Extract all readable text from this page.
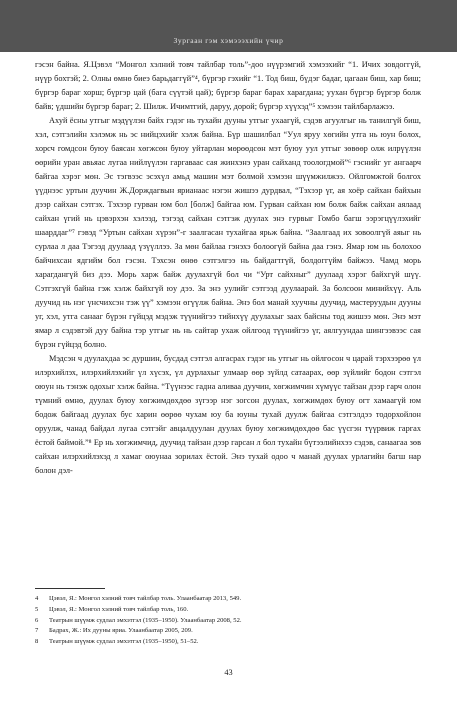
Зургаан гэм хэмэээхийн үчир

гэсэн байна. Я.Цэвэл “Монгол хэлний товч тайлбар толь”-доо нүүрэмгий хэмээхийг “1. Ичих зовдоггүй, нүүр бохтэй; 2. Олны өмнө биеэ барьдаггүй”⁴, бүргэр гэхийг “1. Тод биш, бүдэг бадаг, цагаан биш, хар биш; бүргэр бараг хорш; бүргэр цай (бага сүүтэй цай); бүргэр бараг барах харагдана; уухан бүргэр бүргэр болж байв; үдшийн бүргэр бараг; 2. Шилж. Ичимтгий, даруу, дорой; бүргэр хүүхэд”⁵ хэмээн тайлбарлажээ.

Ахуй ёсны утгыг мэдүүлэн байх гэдэг нь тухайн дууны утгыг ухаагүй, сэдэв агуулгыг нь танилгүй биш, хэл, сэтгэлийн хэлэмж нь эс нийцэхийг хэлж байна. Бүр шашилбал “Уул яруу хөгийн утга нь юун болох, хорсч гомдсон буюу баясан хөгжсөн буюу уйтарлан мөрөөдсөн мэт буюу уул утгыг зөвөөр олж илрүүлэн өөрийн уран авьяас лугаа нийлүүлэн гаргаваас сая жинхэнэ уран сайханд тоологдмой”⁶ гэснийг уг ангаарч байгаа хэрэг мөн. Эс тэгвээс эсэхүл амьд машин мэт болмой хэмээн шүүмжилжээ. Ойлгомжтой болгох үүднээс уртын дуучин Ж.Дорждагвын ярианаас нэгэн жишээ дурдвал, “Тэхээр үг, ая хоёр сайхан байхын дээр сайхан сэтгэх. Тэхээр гурван юм бол [болж] байгаа юм. Гурван сайхан юм болж байж сайхан аялаад сайхан үгий нь цэвэрхэн хэлээд, тэгээд сайхан сэтгэж дуулах энэ гурвыг Гомбо багш ээрэгцүүлэхийг шаарддаг”⁷ гэвэд “Уртын сайхан хүрэн”-г заалгасан тухайгаа ярьж байна. “Заалгаад их зовоолгүй аяыг нь сурлаа л даа Тэгээд дуулаад үзүүллээ. За мөн байлаа гэнэхэ болоогүй байна даа гэнэ. Ямар юм нь болохоо байчихсан ядгийм бол гэсэн. Тэхсэн өнөө сэтгэлгээ нь байдагтгүй, болдоггүйм байжээ. Чамд морь харагдангүй биз дээ. Морь харж байж дуулахгүй бол чи “Урт сайхныг” дуулаад хэрэг байхгүй шүү. Сэтгэхгүй байна гэж хэлж байхгүй юу дээ. За энэ уулийг сэтгээд дуулаарай. За болсоон минийхүү. Аль дуучид нь нэг үнсчихсэн тэж үү” хэмээн өгүүлж байна. Энэ бол манай хуучны дуучид, мастеруудын дууны уг, хэл, утга санааг бүрэн гүйцэд мэдэж түүнийгээ тийнхүү дуулахыг заах байсны тод жишээ мөн. Энэ мэт ямар л сэдэвтэй дуу байна тэр утгыг нь нь сайтар ухаж ойлгоод түүнийгээ үг, аялгуундаа шингээвээс сая бүрэн гүйцэд болно.

Мэдсэн ч дуулахдаа эс дуршин, бусдад сэтгэл алгасрах гэдэг нь утгыг нь ойлгосон ч царай тэрхээрөө үл илэрхийлэх, илэрхийлэхийг үл хүсэх, үл дурлахыг улмаар өөр зүйлд сатаарах, өөр зүйлийг бодон сэтгэл оюун нь тэнэж одохыг хэлж байна. “Түүнээс гадна аливаа дуучин, хөгжимчин хүмүүс тайзан дээр гарч олон түмний өмнө, дуулах буюу хөгжимдөхдөө зүгээр нэг зогсон дуулах, хөгжимдөх буюу огт хамаагүй юм бодож байгаад дуулах бус харин өөрөө чухам юу ба юуны тухай дуулж байгаа сэтгэлдээ тодорхойлон оруулж, чанад байдал лугаа сэтгэйг авцалдуулан дуулах буюу хөгжимдөхдөө бас үүсгэн түүрвиж гаргах ёстой баймой.”⁸ Ер нь хөгжимчид, дуучид тайзан дээр гарсан л бол тухайн бүтээлийнхээ сэдэв, санаагаа зөв сайхан илэрхийлэхэд л хамаг оюунаа зорилах ёстой. Энэ тухай одоо ч манай дуулах урлагийн багш нар болон дэл-

4	Цэвэл, Я.: Монгол хэлний товч тайлбар толь. Улаанбаатар 2013, 549.
5	Цэвэл, Я.: Монгол хэлний товч тайлбар толь, 160.
6	Театрын шүүмж судлал эмхэтгэл (1935–1950). Улаанбаатар 2008, 52.
7	Бадрах, Ж.: Их дууны яриа. Улаанбаатар 2005, 209.
8	Театрын шүүмж судлал эмхэтгэл (1935–1950), 51–52.
43
